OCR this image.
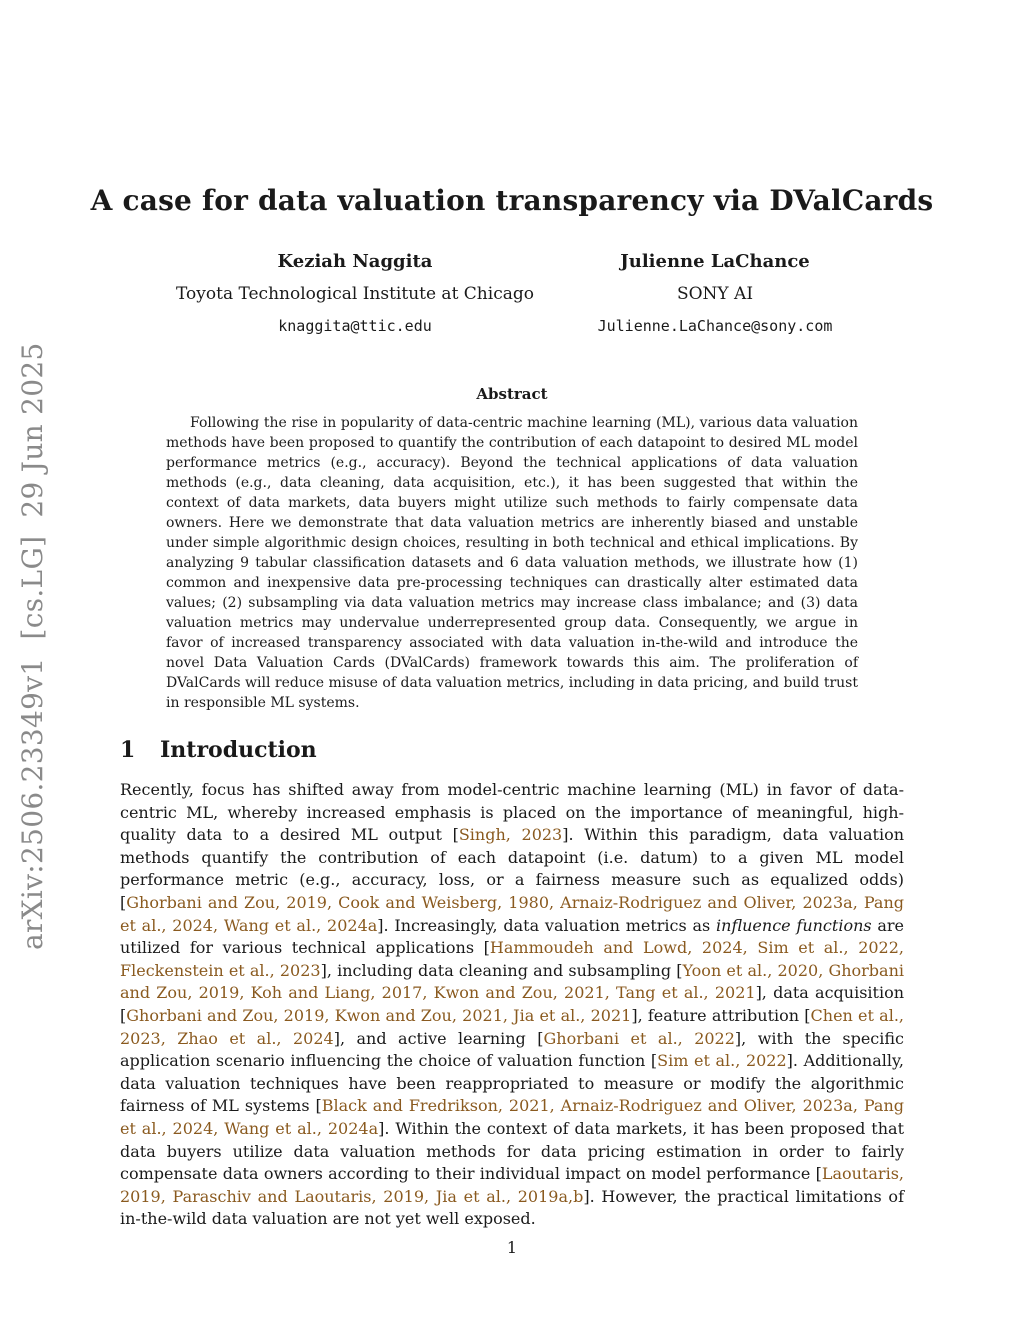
arXiv:2506.23349v1[cs.LG]29 Jun 2025
A case for data valuation transparency via DValCards
Keziah Naggita	Julienne LaChance
Toyota Technological Institute at Chicago	SONY AI
knaggita@ttic.edu	Julienne.LaChance@sony.com
Abstract
Following the rise in popularity of data-centric machine learning (ML), various data valuation methods have been proposed to quantify the contribution of each datapoint to desired ML model performance metrics (e.g., accuracy). Beyond the technical applications of data valuation methods (e.g., data cleaning, data acquisition, etc.), it has been suggested that within the context of data markets, data buyers might utilize such methods to fairly compensate data owners. Here we demonstrate that data valuation metrics are inherently biased and unstable under simple algorithmic design choices, resulting in both technical and ethical implications. By analyzing 9 tabular classification datasets and 6 data valuation methods, we illustrate how (1) common and inexpensive data pre-processing techniques can drastically alter estimated data values; (2) subsampling via data valuation metrics may increase class imbalance; and (3) data valuation metrics may undervalue underrepresented group data. Consequently, we argue in favor of increased transparency associated with data valuation in-the-wild and introduce the novel Data Valuation Cards (DValCards) framework towards this aim. The proliferation of DValCards will reduce misuse of data valuation metrics, including in data pricing, and build trust in responsible ML systems.
1 Introduction
Recently, focus has shifted away from model-centric machine learning (ML) in favor of data-centric ML, whereby increased emphasis is placed on the importance of meaningful, high-quality data to a desired ML output [Singh, 2023]. Within this paradigm, data valuation methods quantify the contribution of each datapoint (i.e. datum) to a given ML model performance metric (e.g., accuracy, loss, or a fairness measure such as equalized odds) [Ghorbani and Zou, 2019, Cook and Weisberg, 1980, Arnaiz-Rodriguez and Oliver, 2023a, Pang et al., 2024, Wang et al., 2024a]. Increasingly, data valuation metrics as influence functions are utilized for various technical applications [Hammoudeh and Lowd, 2024, Sim et al., 2022, Fleckenstein et al., 2023], including data cleaning and subsampling [Yoon et al., 2020, Ghorbani and Zou, 2019, Koh and Liang, 2017, Kwon and Zou, 2021, Tang et al., 2021], data acquisition [Ghorbani and Zou, 2019, Kwon and Zou, 2021, Jia et al., 2021], feature attribution [Chen et al., 2023, Zhao et al., 2024], and active learning [Ghorbani et al., 2022], with the specific application scenario influencing the choice of valuation function [Sim et al., 2022]. Additionally, data valuation techniques have been reappropriated to measure or modify the algorithmic fairness of ML systems [Black and Fredrikson, 2021, Arnaiz-Rodriguez and Oliver, 2023a, Pang et al., 2024, Wang et al., 2024a]. Within the context of data markets, it has been proposed that data buyers utilize data valuation methods for data pricing estimation in order to fairly compensate data owners according to their individual impact on model performance [Laoutaris, 2019, Paraschiv and Laoutaris, 2019, Jia et al., 2019a,b]. However, the practical limitations of in-the-wild data valuation are not yet well exposed.
1
